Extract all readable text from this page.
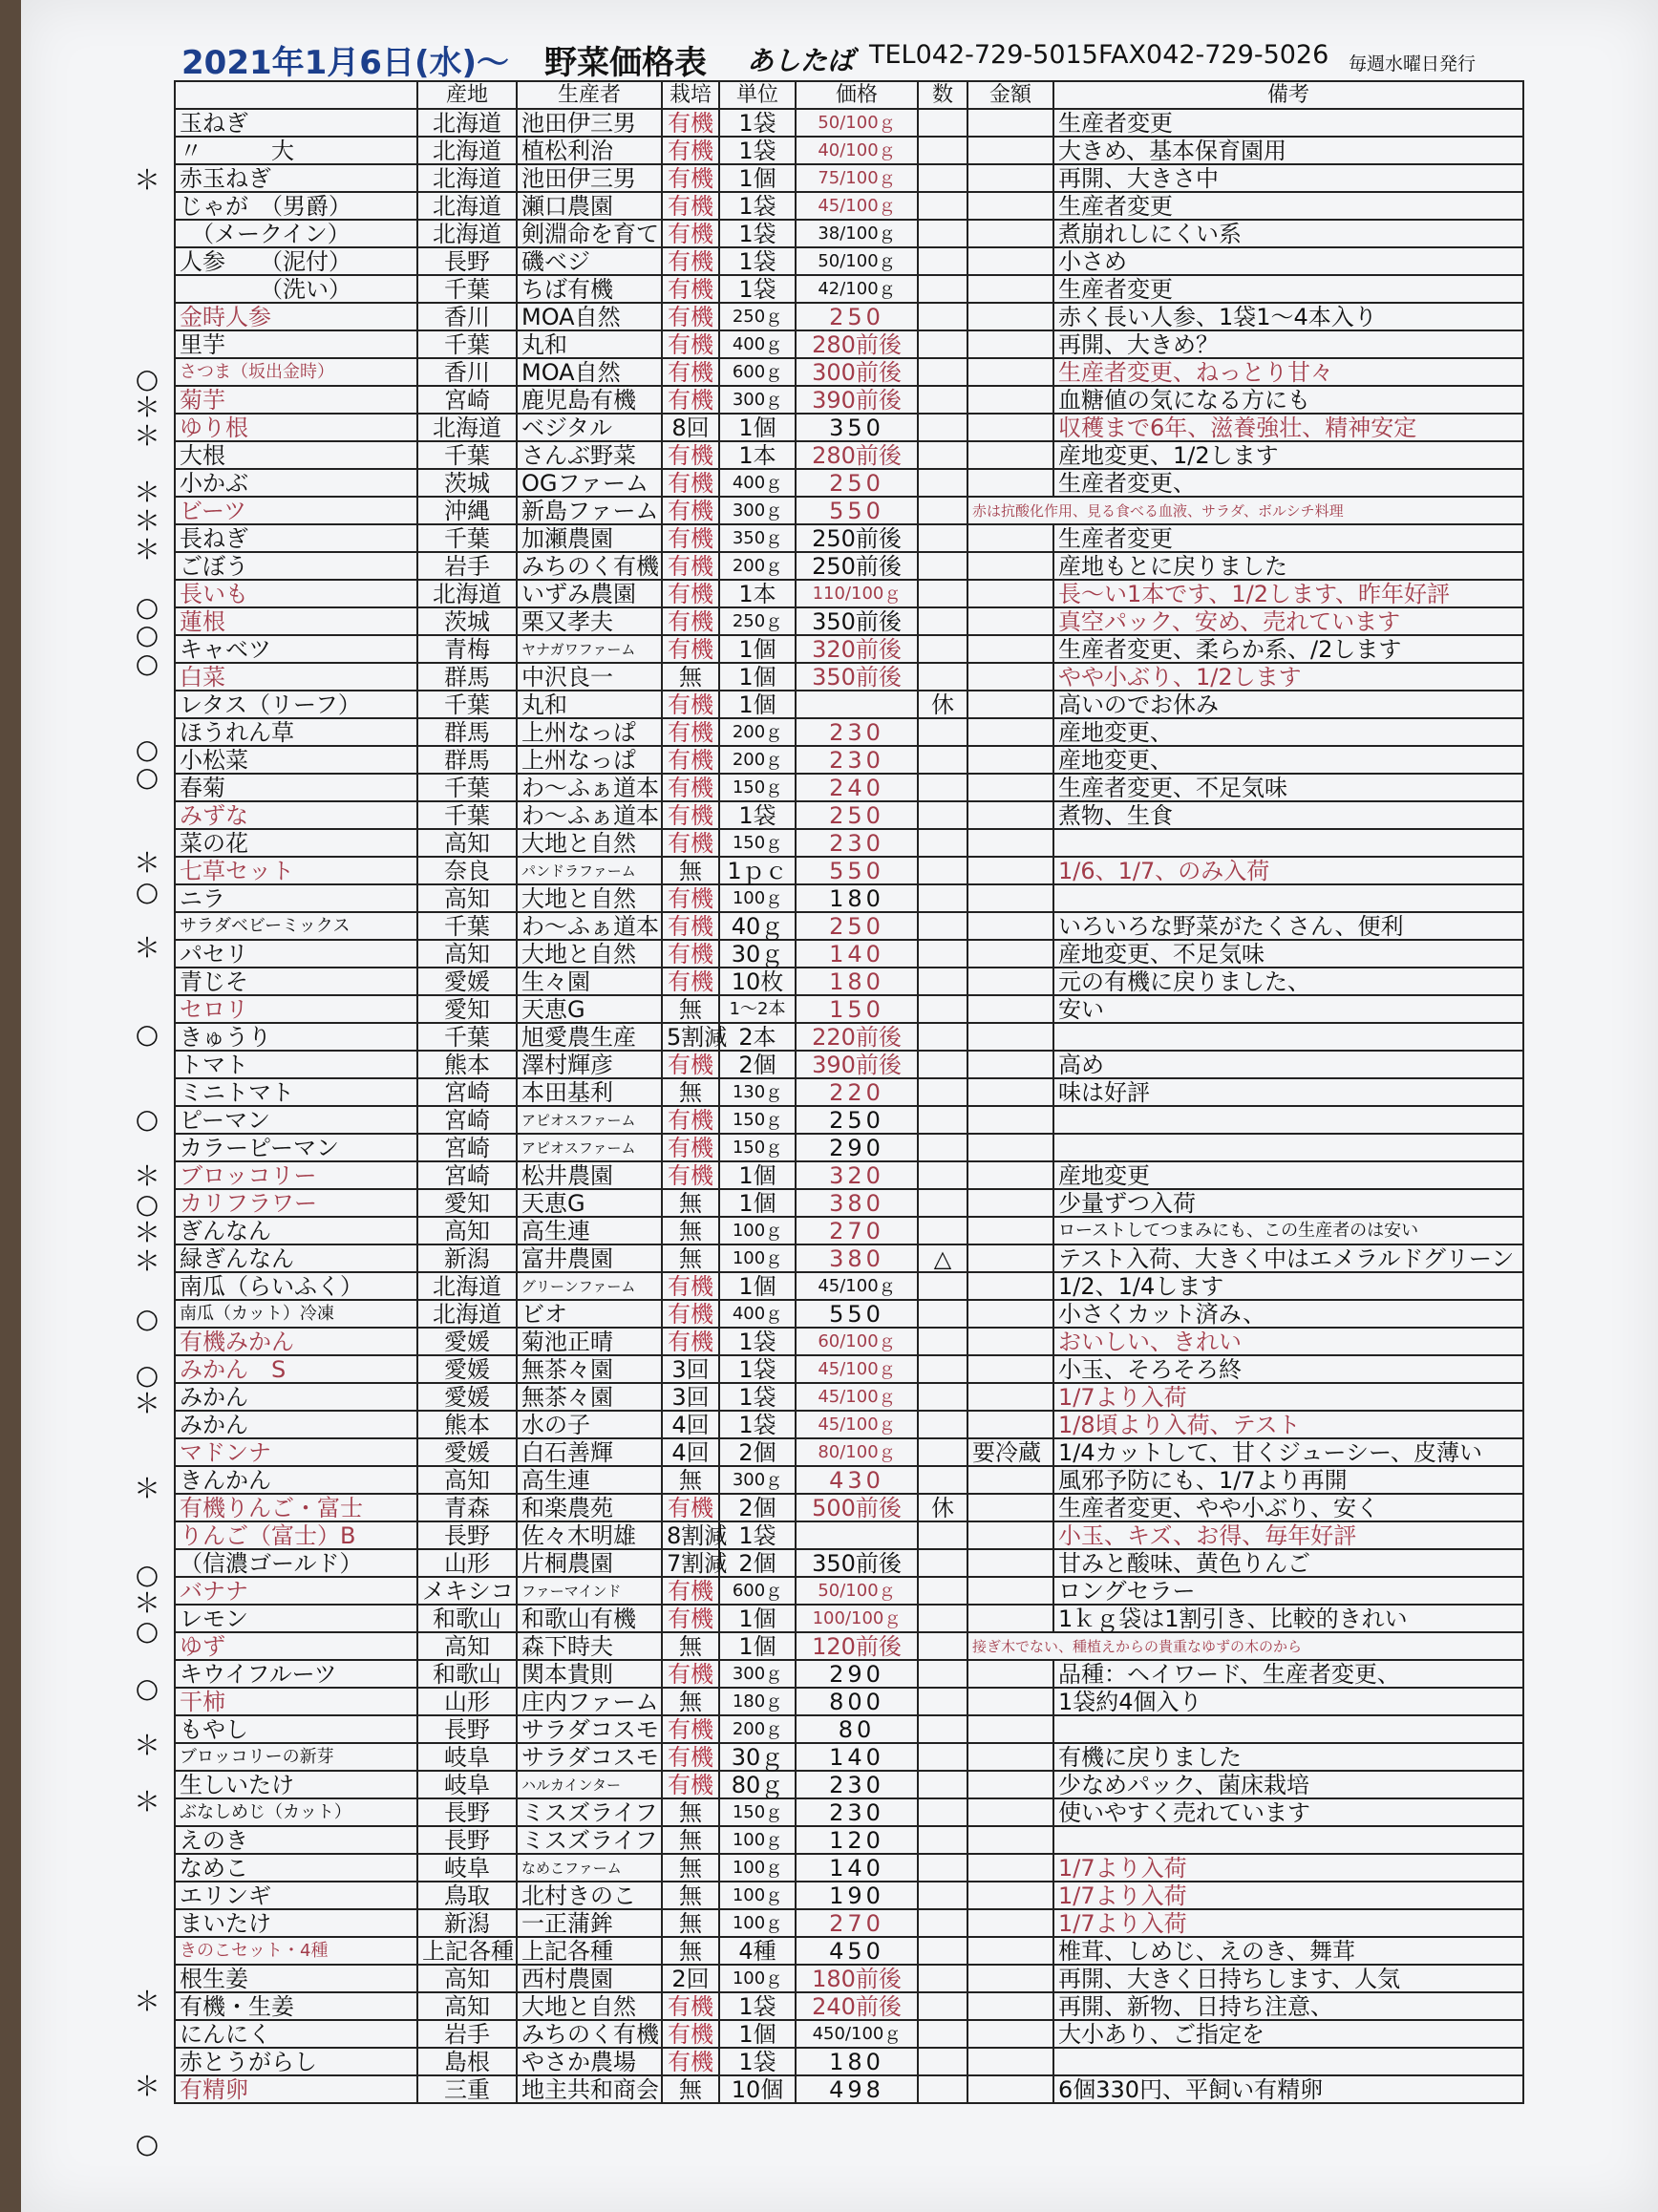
2021年1月6日(水)～ 野菜価格表 あしたば TEL042-729-5015 FAX042-729-5026 毎週水曜日発行
＊
○
＊
＊
＊
＊
＊
○
○
○
○
○
＊
○
＊
○
○
＊
○
＊
＊
○
○
＊
＊
○
＊
○
○
＊
＊
＊
＊
○
	産地	生産者	栽培	単位	価格	数	金額	備考
玉ねぎ	北海道	池田伊三男	有機	1袋	50/100ｇ			生産者変更
〃　　　大	北海道	植松利治	有機	1袋	40/100ｇ			大きめ、基本保育園用
赤玉ねぎ	北海道	池田伊三男	有機	1個	75/100ｇ			再開、大きさ中
じゃが　（男爵）	北海道	瀬口農園	有機	1袋	45/100ｇ			生産者変更
　（メークイン）	北海道	剣淵命を育て	有機	1袋	38/100ｇ			煮崩れしにくい系
人参　　（泥付）	長野	磯ベジ	有機	1袋	50/100ｇ			小さめ
　　　　（洗い）	千葉	ちば有機	有機	1袋	42/100ｇ			生産者変更
金時人参	香川	MOA自然	有機	250ｇ	250			赤く長い人参、1袋1～4本入り
里芋	千葉	丸和	有機	400ｇ	280前後			再開、大きめ？
さつま（坂出金時）	香川	MOA自然	有機	600ｇ	300前後			生産者変更、ねっとり甘々
菊芋	宮崎	鹿児島有機	有機	300ｇ	390前後			血糖値の気になる方にも
ゆり根	北海道	ベジタル	8回	1個	350			収穫まで6年、滋養強壮、精神安定
大根	千葉	さんぶ野菜	有機	1本	280前後			産地変更、1/2します
小かぶ	茨城	OGファーム	有機	400ｇ	250			生産者変更、
ビーツ	沖縄	新島ファーム	有機	300ｇ	550		赤は抗酸化作用、見る食べる血液、サラダ、ボルシチ料理	
長ねぎ	千葉	加瀬農園	有機	350ｇ	250前後			生産者変更
ごぼう	岩手	みちのく有機	有機	200ｇ	250前後			産地もとに戻りました
長いも	北海道	いずみ農園	有機	1本	110/100ｇ			長～い1本です、1/2します、昨年好評
蓮根	茨城	栗又孝夫	有機	250ｇ	350前後			真空パック、安め、売れています
キャベツ	青梅	ヤナガワファーム	有機	1個	320前後			生産者変更、柔らか系、/2します
白菜	群馬	中沢良一	無	1個	350前後			やや小ぶり、1/2します
レタス（リーフ）	千葉	丸和	有機	1個		休		高いのでお休み
ほうれん草	群馬	上州なっぱ	有機	200ｇ	230			産地変更、
小松菜	群馬	上州なっぱ	有機	200ｇ	230			産地変更、
春菊	千葉	わ～ふぁ道本	有機	150ｇ	240			生産者変更、不足気味
みずな	千葉	わ～ふぁ道本	有機	1袋	250			煮物、生食
菜の花	高知	大地と自然	有機	150ｇ	230			
七草セット	奈良	パンドラファーム	無	1ｐｃ	550			1/6、1/7、のみ入荷
ニラ	高知	大地と自然	有機	100ｇ	180			
サラダベビーミックス	千葉	わ～ふぁ道本	有機	40ｇ	250			いろいろな野菜がたくさん、便利
パセリ	高知	大地と自然	有機	30ｇ	140			産地変更、不足気味
青じそ	愛媛	生々園	有機	10枚	180			元の有機に戻りました、
セロリ	愛知	天恵G	無	1～2本	150			安い
きゅうり	千葉	旭愛農生産	5割減	2本	220前後			
トマト	熊本	澤村輝彦	有機	2個	390前後			高め
ミニトマト	宮崎	本田基利	無	130ｇ	220			味は好評
ピーマン	宮崎	アピオスファーム	有機	150ｇ	250			
カラーピーマン	宮崎	アピオスファーム	有機	150ｇ	290			
ブロッコリー	宮崎	松井農園	有機	1個	320			産地変更
カリフラワー	愛知	天恵G	無	1個	380			少量ずつ入荷
ぎんなん	高知	高生連	無	100ｇ	270			ローストしてつまみにも、この生産者のは安い
緑ぎんなん	新潟	富井農園	無	100ｇ	380	△		テスト入荷、大きく中はエメラルドグリーン
南瓜（らいふく）	北海道	グリーンファーム	有機	1個	45/100ｇ			1/2、1/4します
南瓜（カット）冷凍	北海道	ビオ	有機	400ｇ	550			小さくカット済み、
有機みかん	愛媛	菊池正晴	有機	1袋	60/100ｇ			おいしい、きれい
みかん　S	愛媛	無茶々園	3回	1袋	45/100ｇ			小玉、そろそろ終
みかん	愛媛	無茶々園	3回	1袋	45/100ｇ			1/7より入荷
みかん	熊本	水の子	4回	1袋	45/100ｇ			1/8頃より入荷、テスト
マドンナ	愛媛	白石善輝	4回	2個	80/100ｇ		要冷蔵	1/4カットして、甘くジューシー、皮薄い
きんかん	高知	高生連	無	300ｇ	430			風邪予防にも、1/7より再開
有機りんご・富士	青森	和楽農苑	有機	2個	500前後	休		生産者変更、やや小ぶり、安く
りんご（富士）B	長野	佐々木明雄	8割減	1袋				小玉、キズ、お得、毎年好評
（信濃ゴールド）	山形	片桐農園	7割減	2個	350前後			甘みと酸味、黄色りんご
バナナ	メキシコ	ファーマインド	有機	600ｇ	50/100ｇ			ロングセラー
レモン	和歌山	和歌山有機	有機	1個	100/100ｇ			1ｋｇ袋は1割引き、比較的きれい
ゆず	高知	森下時夫	無	1個	120前後		接ぎ木でない、種植えからの貴重なゆずの木のから	
キウイフルーツ	和歌山	関本貴則	有機	300ｇ	290			品種：ヘイワード、生産者変更、
干柿	山形	庄内ファーム	無	180ｇ	800			1袋約4個入り
もやし	長野	サラダコスモ	有機	200ｇ	80			
ブロッコリーの新芽	岐阜	サラダコスモ	有機	30ｇ	140			有機に戻りました
生しいたけ	岐阜	ハルカインター	有機	80ｇ	230			少なめパック、菌床栽培
ぶなしめじ（カット）	長野	ミスズライフ	無	150ｇ	230			使いやすく売れています
えのき	長野	ミスズライフ	無	100ｇ	120			
なめこ	岐阜	なめこファーム	無	100ｇ	140			1/7より入荷
エリンギ	鳥取	北村きのこ	無	100ｇ	190			1/7より入荷
まいたけ	新潟	一正蒲鉾	無	100ｇ	270			1/7より入荷
きのこセット・4種	上記各種	上記各種	無	4種	450			椎茸、しめじ、えのき、舞茸
根生姜	高知	西村農園	2回	100ｇ	180前後			再開、大きく日持ちします、人気
有機・生姜	高知	大地と自然	有機	1袋	240前後			再開、新物、日持ち注意、
にんにく	岩手	みちのく有機	有機	1個	450/100ｇ			大小あり、ご指定を
赤とうがらし	島根	やさか農場	有機	1袋	180			
有精卵	三重	地主共和商会	無	10個	498			6個330円、平飼い有精卵
